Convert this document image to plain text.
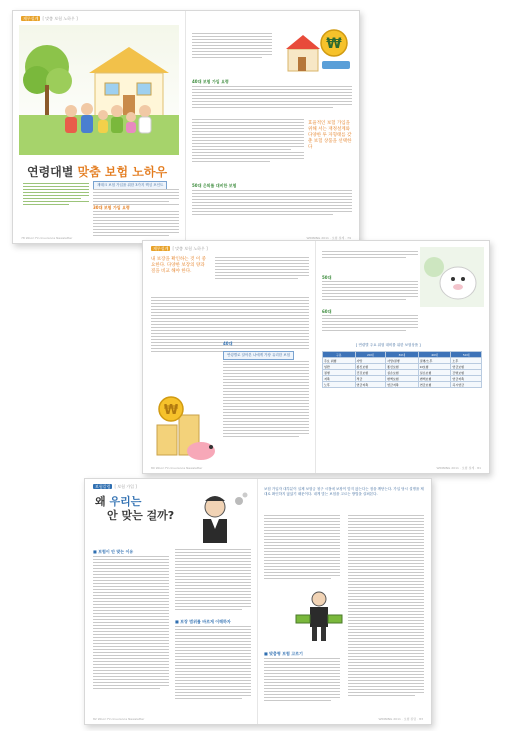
재무설계 [ 맞춤 보험 노하우 ]
연령대별 맞춤 보험 노하우
재태크 보험 가입을 위한 3가지 핵심 포인트
30대 보험 가입 요령
78 Woori Fin Insurance Newsletter
₩
40대 보험 가입 요령
효율적인 보험 가입을 위해 서는 재정설계와 다양한 투 자형태를 갖춘 보험 상품을 선택한다
50대 은퇴를 대비한 보험
WINNING 2011 · 보험 설계 · 79
재무설계 [ 맞춤 보험 노하우 ]
내 보장을 확인하는 것 이 중요한다. 다양한 보장의 양과 질을 비교 해야 한다.
₩
40대
연령별로 알아본 나에게 가장 유리한 보험
80 Woori Fin Insurance Newsletter
50대
60대
[ 연령별 주요 위험 대비를 위한 보험상품 ]
구분	20대	30대	40대	50대
주요 위험	사망	사망/질병	질병/노후	노후
일반	종신보험	종신보험	CI보험	연금보험
질병	건강보험	실손보험	실손보험	간병보험
저축	적금	변액보험	변액보험	연금저축
노후	연금저축	연금저축	연금보험	즉시연금
WINNING 2011 · 보험 설계 · 81
보험칼럼 [ 보험 가입 ]
왜 우리는
안 맞는 걸까?
■ 보험이 안 맞는 이유
■ 보장 범위를 바르게 이해하자
82 Woori Fin Insurance Newsletter
보험 가입자 대부분이 실제 보험금 청구 시점에 보장이 맞지 않는다는 점을 깨닫는다. 가입 당시 설명을 제대로 확인하지 않았기 때문이다. 내게 맞는 보험을 고르는 방법을 살펴본다.
■ 맞춤형 보험 고르기
WINNING 2011 · 보험 칼럼 · 83
